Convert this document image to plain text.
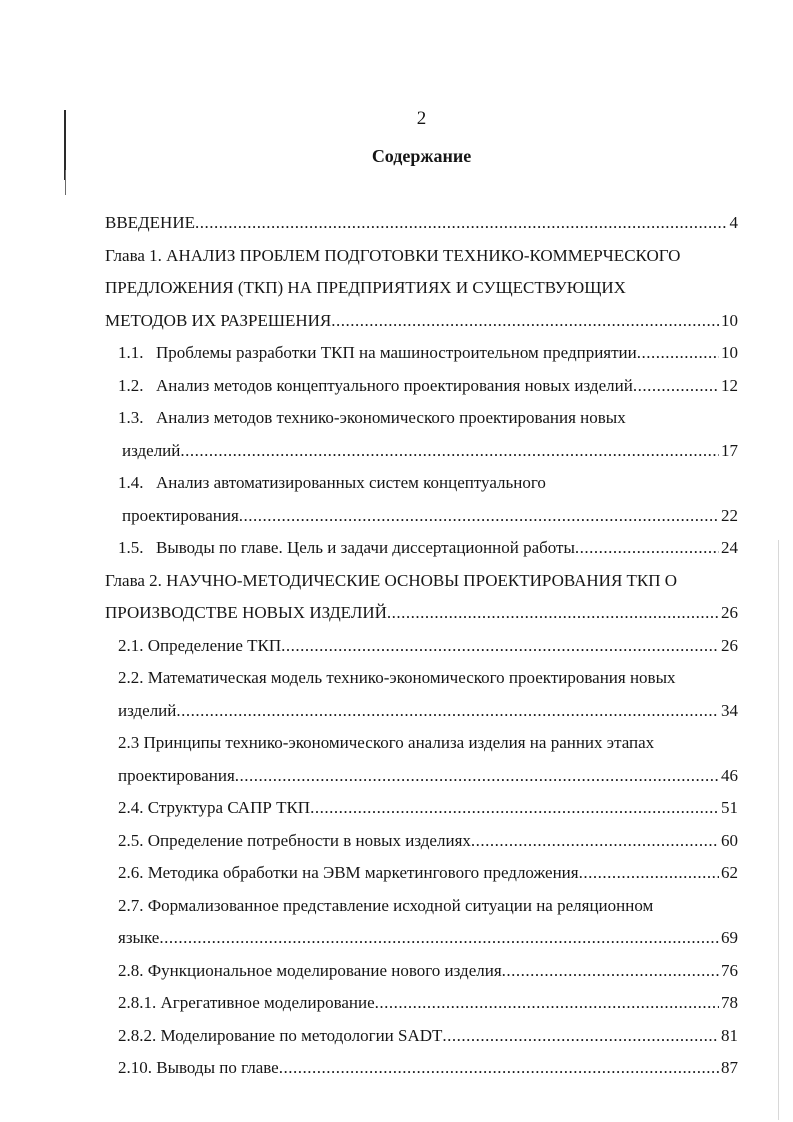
2
Содержание
ВВЕДЕНИЕ .....	4
Глава 1. АНАЛИЗ ПРОБЛЕМ ПОДГОТОВКИ ТЕХНИКО-КОММЕРЧЕСКОГО
ПРЕДЛОЖЕНИЯ (ТКП) НА ПРЕДПРИЯТИЯХ И СУЩЕСТВУЮЩИХ
МЕТОДОВ ИХ РАЗРЕШЕНИЯ .....	10
1.1. Проблемы разработки ТКП на машиностроительном предприятии .....	10
1.2. Анализ методов концептуального проектирования новых изделий .....	12
1.3. Анализ методов технико-экономического проектирования новых
изделий .....	17
1.4. Анализ автоматизированных систем концептуального
проектирования .....	22
1.5. Выводы по главе. Цель и задачи диссертационной работы .....	24
Глава 2. НАУЧНО-МЕТОДИЧЕСКИЕ ОСНОВЫ ПРОЕКТИРОВАНИЯ ТКП О
ПРОИЗВОДСТВЕ НОВЫХ ИЗДЕЛИЙ .....	26
2.1. Определение ТКП .....	26
2.2. Математическая модель технико-экономического проектирования новых
изделий .....	34
2.3 Принципы технико-экономического анализа изделия на ранних этапах
проектирования .....	46
2.4. Структура САПР ТКП .....	51
2.5. Определение потребности в новых изделиях .....	60
2.6. Методика обработки на ЭВМ маркетингового предложения .....	62
2.7. Формализованное представление исходной ситуации на реляционном
языке .....	69
2.8. Функциональное моделирование нового изделия .....	76
2.8.1. Агрегативное моделирование .....	78
2.8.2. Моделирование по методологии SADT .....	81
2.10. Выводы по главе .....	87
